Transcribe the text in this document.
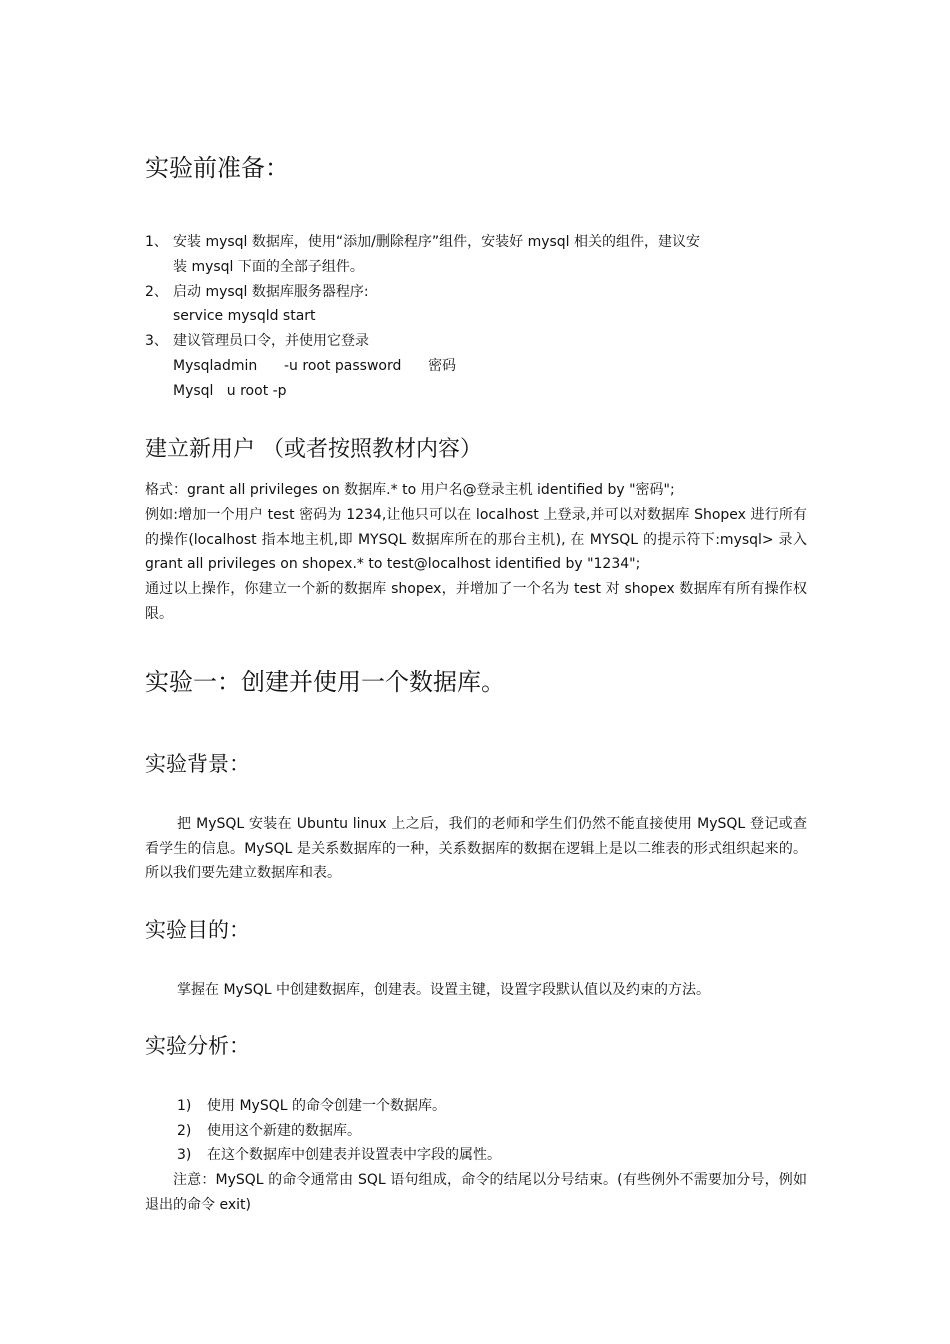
实验前准备：
1、 安装 mysql 数据库，使用“添加/删除程序”组件，安装好 mysql 相关的组件，建议安
装 mysql 下面的全部子组件。
2、 启动 mysql 数据库服务器程序:
service mysqld start
3、 建议管理员口令，并使用它登录
Mysqladmin      -u root password      密码
Mysql   u root -p
建立新用户 （或者按照教材内容）

格式：grant all privileges on 数据库.* to 用户名@登录主机 identified by "密码";

例如:增加一个用户 test 密码为 1234,让他只可以在 localhost 上登录,并可以对数据库 Shopex 进行所有的操作(localhost 指本地主机,即 MYSQL 数据库所在的那台主机), 在 MYSQL 的提示符下:mysql> 录入 grant all privileges on shopex.* to test@localhost identified by "1234";

通过以上操作，你建立一个新的数据库 shopex，并增加了一个名为 test 对 shopex 数据库有所有操作权限。

实验一：创建并使用一个数据库。
实验背景：

把 MySQL 安装在 Ubuntu linux 上之后，我们的老师和学生们仍然不能直接使用 MySQL 登记或查看学生的信息。MySQL 是关系数据库的一种，关系数据库的数据在逻辑上是以二维表的形式组织起来的。所以我们要先建立数据库和表。

实验目的：

掌握在 MySQL 中创建数据库，创建表。设置主键，设置字段默认值以及约束的方法。

实验分析：
1) 使用 MySQL 的命令创建一个数据库。
2) 使用这个新建的数据库。
3) 在这个数据库中创建表并设置表中字段的属性。

注意：MySQL 的命令通常由 SQL 语句组成，命令的结尾以分号结束。(有些例外不需要加分号，例如退出的命令 exit)
